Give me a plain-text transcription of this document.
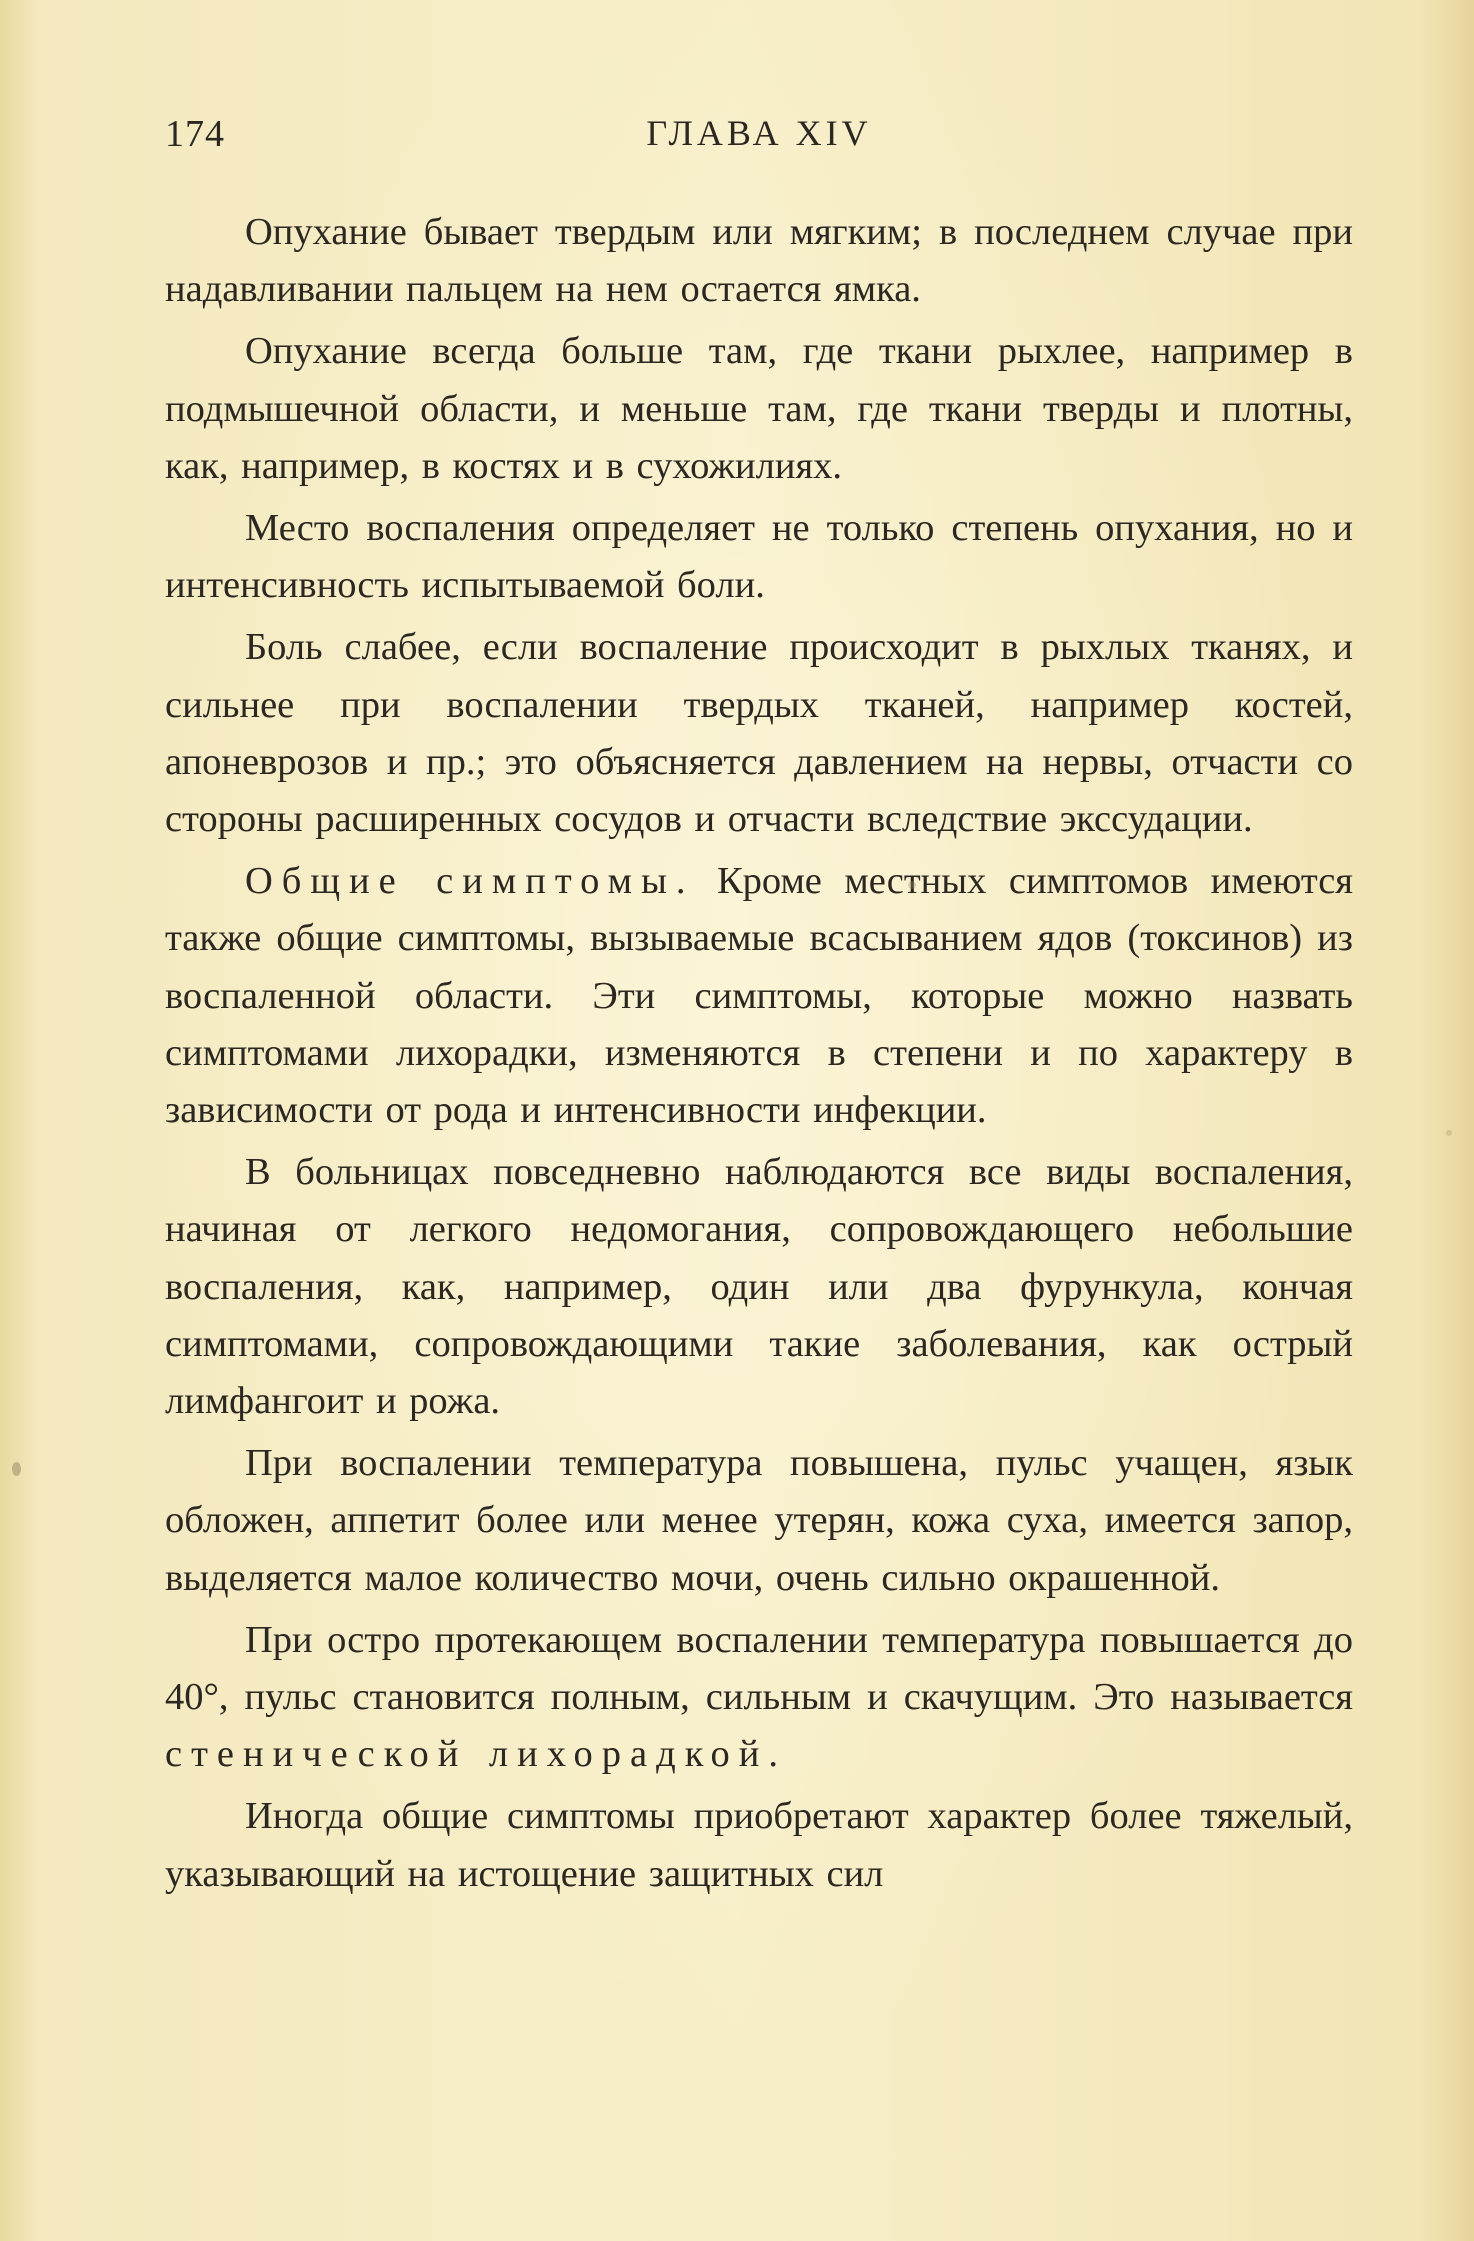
174	ГЛАВА XIV

Опухание бывает твердым или мягким; в последнем случае при надавливании пальцем на нем остается ямка.

Опухание всегда больше там, где ткани рыхлее, например в подмышечной области, и меньше там, где ткани тверды и плотны, как, например, в костях и в сухожилиях.

Место воспаления определяет не только степень опухания, но и интенсивность испытываемой боли.

Боль слабее, если воспаление происходит в рыхлых тканях, и сильнее при воспалении твердых тканей, например костей, апоневрозов и пр.; это объясняется давлением на нервы, отчасти со стороны расширенных сосудов и отчасти вследствие экссудации.

Общие симптомы. Кроме местных симптомов имеются также общие симптомы, вызываемые всасыванием ядов (токсинов) из воспаленной области. Эти симптомы, которые можно назвать симптомами лихорадки, изменяются в степени и по характеру в зависимости от рода и интенсивности инфекции.

В больницах повседневно наблюдаются все виды воспаления, начиная от легкого недомогания, сопровождающего небольшие воспаления, как, например, один или два фурункула, кончая симптомами, сопровождающими такие заболевания, как острый лимфангоит и рожа.

При воспалении температура повышена, пульс учащен, язык обложен, аппетит более или менее утерян, кожа суха, имеется запор, выделяется малое количество мочи, очень сильно окрашенной.

При остро протекающем воспалении температура повышается до 40°, пульс становится полным, сильным и скачущим. Это называется стенической лихорадкой.

Иногда общие симптомы приобретают характер более тяжелый, указывающий на истощение защитных сил
